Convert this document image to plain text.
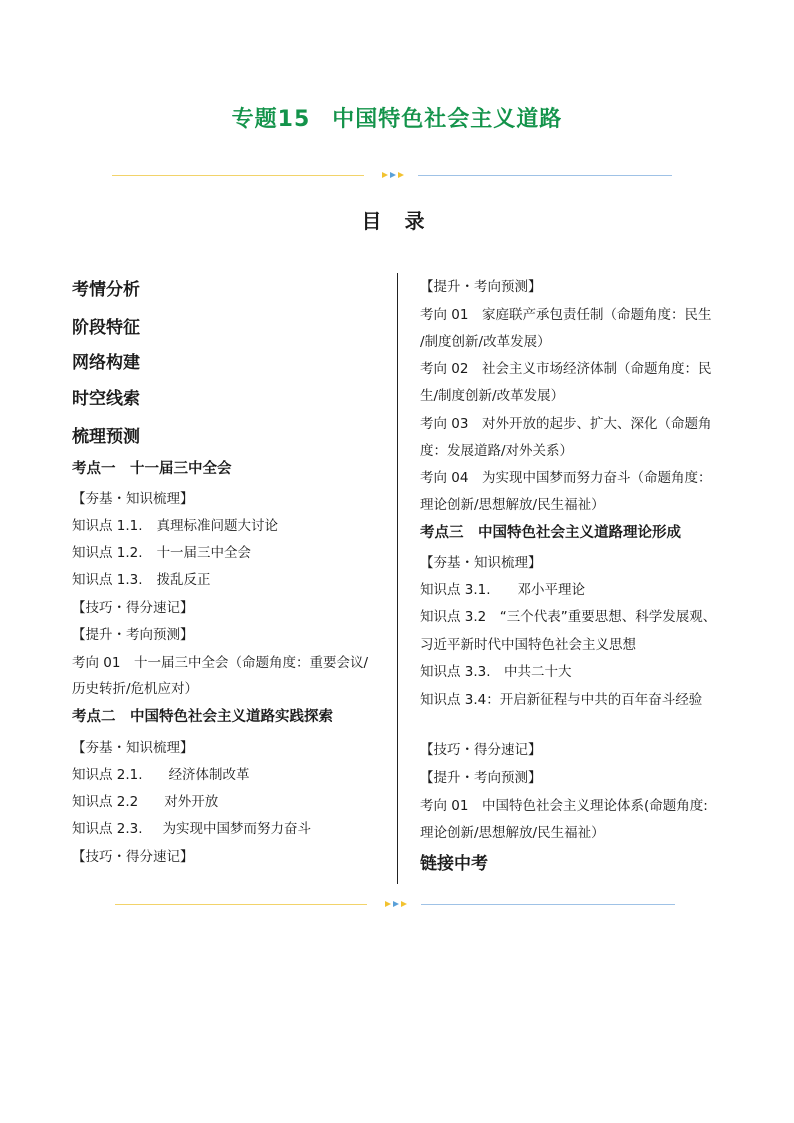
专题15 中国特色社会主义道路
目 录
考情分析
阶段特征
网络构建
时空线索
梳理预测
考点一　十一届三中全会
【夯基・知识梳理】
知识点 1.1. 真理标准问题大讨论
知识点 1.2. 十一届三中全会
知识点 1.3. 拨乱反正
【技巧・得分速记】
【提升・考向预测】
考向 01　十一届三中全会（命题角度：重要会议/
历史转折/危机应对）
考点二　中国特色社会主义道路实践探索
【夯基・知识梳理】
知识点 2.1. 经济体制改革
知识点 2.2 对外开放
知识点 2.3. 为实现中国梦而努力奋斗
【技巧・得分速记】
【提升・考向预测】
考向 01　家庭联产承包责任制（命题角度：民生
/制度创新/改革发展）
考向 02　社会主义市场经济体制（命题角度：民
生/制度创新/改革发展）
考向 03　对外开放的起步、扩大、深化（命题角
度：发展道路/对外关系）
考向 04　为实现中国梦而努力奋斗（命题角度：
理论创新/思想解放/民生福祉）
考点三　中国特色社会主义道路理论形成
【夯基・知识梳理】
知识点 3.1.　　邓小平理论
知识点 3.2　“三个代表”重要思想、科学发展观、
习近平新时代中国特色社会主义思想
知识点 3.3.　中共二十大
知识点 3.4：开启新征程与中共的百年奋斗经验
【技巧・得分速记】
【提升・考向预测】
考向 01　中国特色社会主义理论体系(命题角度:
理论创新/思想解放/民生福祉）
链接中考
